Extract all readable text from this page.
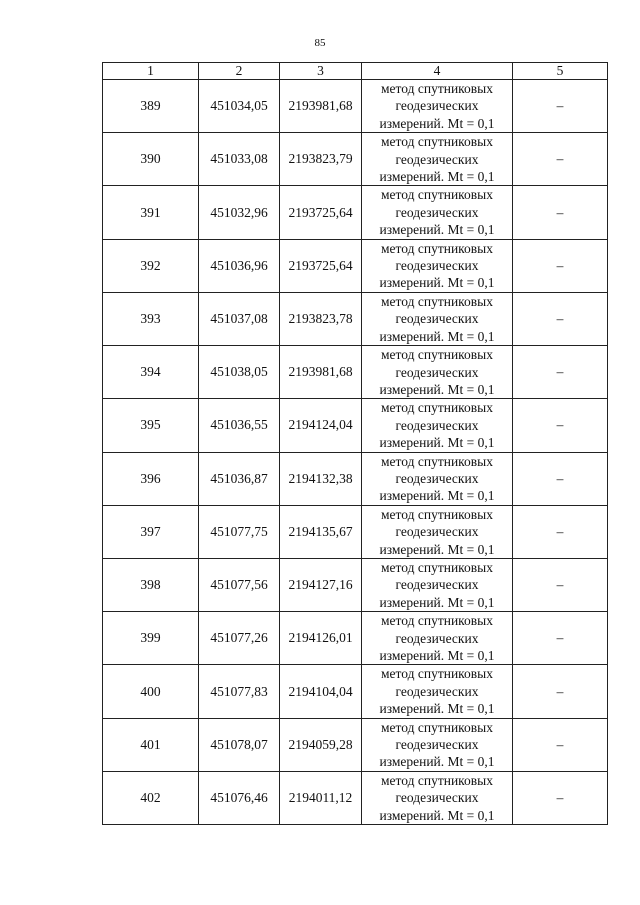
85
1	2	3	4	5
389	451034,05	2193981,68	метод спутниковых
геодезических
измерений. Mt = 0,1	–
390	451033,08	2193823,79	метод спутниковых
геодезических
измерений. Mt = 0,1	–
391	451032,96	2193725,64	метод спутниковых
геодезических
измерений. Mt = 0,1	–
392	451036,96	2193725,64	метод спутниковых
геодезических
измерений. Mt = 0,1	–
393	451037,08	2193823,78	метод спутниковых
геодезических
измерений. Mt = 0,1	–
394	451038,05	2193981,68	метод спутниковых
геодезических
измерений. Mt = 0,1	–
395	451036,55	2194124,04	метод спутниковых
геодезических
измерений. Mt = 0,1	–
396	451036,87	2194132,38	метод спутниковых
геодезических
измерений. Mt = 0,1	–
397	451077,75	2194135,67	метод спутниковых
геодезических
измерений. Mt = 0,1	–
398	451077,56	2194127,16	метод спутниковых
геодезических
измерений. Mt = 0,1	–
399	451077,26	2194126,01	метод спутниковых
геодезических
измерений. Mt = 0,1	–
400	451077,83	2194104,04	метод спутниковых
геодезических
измерений. Mt = 0,1	–
401	451078,07	2194059,28	метод спутниковых
геодезических
измерений. Mt = 0,1	–
402	451076,46	2194011,12	метод спутниковых
геодезических
измерений. Mt = 0,1	–
